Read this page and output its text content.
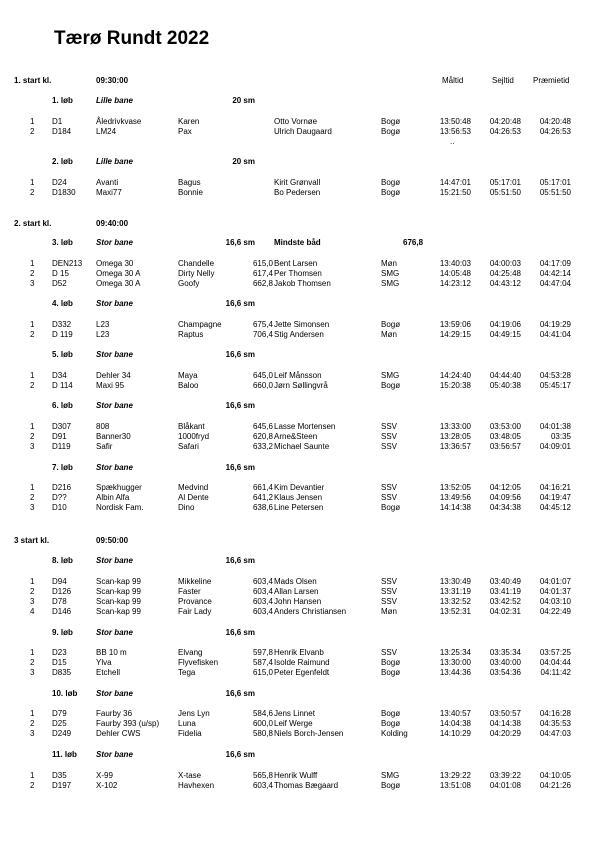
Tærø Rundt 2022
Måltid	Sejltid Præmietid
1. start kl.	09:30:00
2. start kl.	09:40:00
3 start kl.	09:50:00
1. løb	Lille bane	20 sm
2. løb	Lille bane	20 sm
3. løb	Stor bane	16,6 sm Mindste båd	676,8
4. løb	Stor bane	16,6 sm
5. løb	Stor bane	16,6 sm
6. løb	Stor bane	16,6 sm
7. løb	Stor bane	16,6 sm
8. løb	Stor bane	16,6 sm
9. løb	Stor bane	16,6 sm
10. løb Stor bane	16,6 sm
11. løb Stor bane	16,6 sm
1 D1	Åledrivkvase	Karen	Otto Vornøe	Bogø	13:50:48 04:20:48 04:20:48
2 D184	LM24	Pax	Ulrich Daugaard	Bogø	13:56:53 04:26:53 04:26:53
1 D24	Avanti	Bagus	Kirit Grønvall	Bogø	14:47:01 05:17:01 05:17:01
2 D1830	Maxi77	Bonnie	Bo Pedersen	Bogø	15:21:50 05:51:50 05:51:50
1 DEN213 Omega 30	Chandelle	615,0 Bent Larsen	Møn	13:40:03 04:00:03 04:17:09
2 D 15	Omega 30 A	Dirty Nelly	617,4 Per Thomsen	SMG	14:05:48 04:25:48 04:42:14
3 D52	Omega 30 A	Goofy	662,8 Jakob Thomsen	SMG	14:23:12 04:43:12 04:47:04
1 D332	L23	Champagne	675,4 Jette Simonsen	Bogø	13:59:06 04:19:06 04:19:29
2 D 119	L23	Raptus	706,4 Stig Andersen	Møn	14:29:15 04:49:15 04:41:04
1 D34	Dehler 34	Maya	645,0 Leif Månsson	SMG	14:24:40 04:44:40 04:53:28
2 D 114	Maxi 95	Baloo	660,0 Jørn Søllingvrå	Bogø	15:20:38 05:40:38 05:45:17
1 D307	808	Blåkant	645,6 Lasse Mortensen	SSV	13:33:00 03:53:00 04:01:38
2 D91	Banner30	1000fryd	620,8 Arne&Steen	SSV	13:28:05 03:48:05	03:35
3 D119	Safir	Safari	633,2 Michael Saunte	SSV	13:36:57 03:56:57 04:09:01
1 D216	Spækhugger	Medvind	661,4 Kim Devantier	SSV	13:52:05 04:12:05 04:16:21
2 D??	Albin Alfa	Al Dente	641,2 Klaus Jensen	SSV	13:49:56 04:09:56 04:19:47
3 D10	Nordisk Fam.	Dino	638,6 Line Petersen	Bogø	14:14:38 04:34:38 04:45:12
1 D94	Scan-kap 99	Mikkeline	603,4 Mads Olsen	SSV	13:30:49 03:40:49 04:01:07
2 D126	Scan-kap 99	Faster	603,4 Allan Larsen	SSV	13:31:19 03:41:19 04:01:37
3 D78	Scan-kap 99	Provance	603,4 John Hansen	SSV	13:32:52 03:42:52 04:03:10
4 D146	Scan-kap 99	Fair Lady	603,4 Anders Christiansen	Møn	13:52:31 04:02:31 04:22:49
1 D23	BB 10 m	Elvang	597,8 Henrik Elvanb	SSV	13:25:34 03:35:34 03:57:25
2 D15	Ylva	Flyvefisken	587,4 Isolde Raimund	Bogø	13:30:00 03:40:00 04:04:44
3 D835	Etchell	Tega	615,0 Peter Egenfeldt	Bogø	13:44:36 03:54:36 04:11:42
1 D79	Faurby 36	Jens Lyn	584,6 Jens Linnet	Bogø	13:40:57 03:50:57 04:16:28
2 D25	Faurby 393 (u/sp) Luna	600,0 Leif Werge	Bogø	14:04:38 04:14:38 04:35:53
3 D249	Dehler CWS	Fidelia	580,8 Niels Borch-Jensen	Kolding	14:10:29 04:20:29 04:47:03
1 D35	X-99	X-tase	565,8 Henrik Wulff	SMG	13:29:22 03:39:22 04:10:05
2 D197	X-102	Havhexen	603,4 Thomas Bægaard	Bogø	13:51:08 04:01:08 04:21:26
..
